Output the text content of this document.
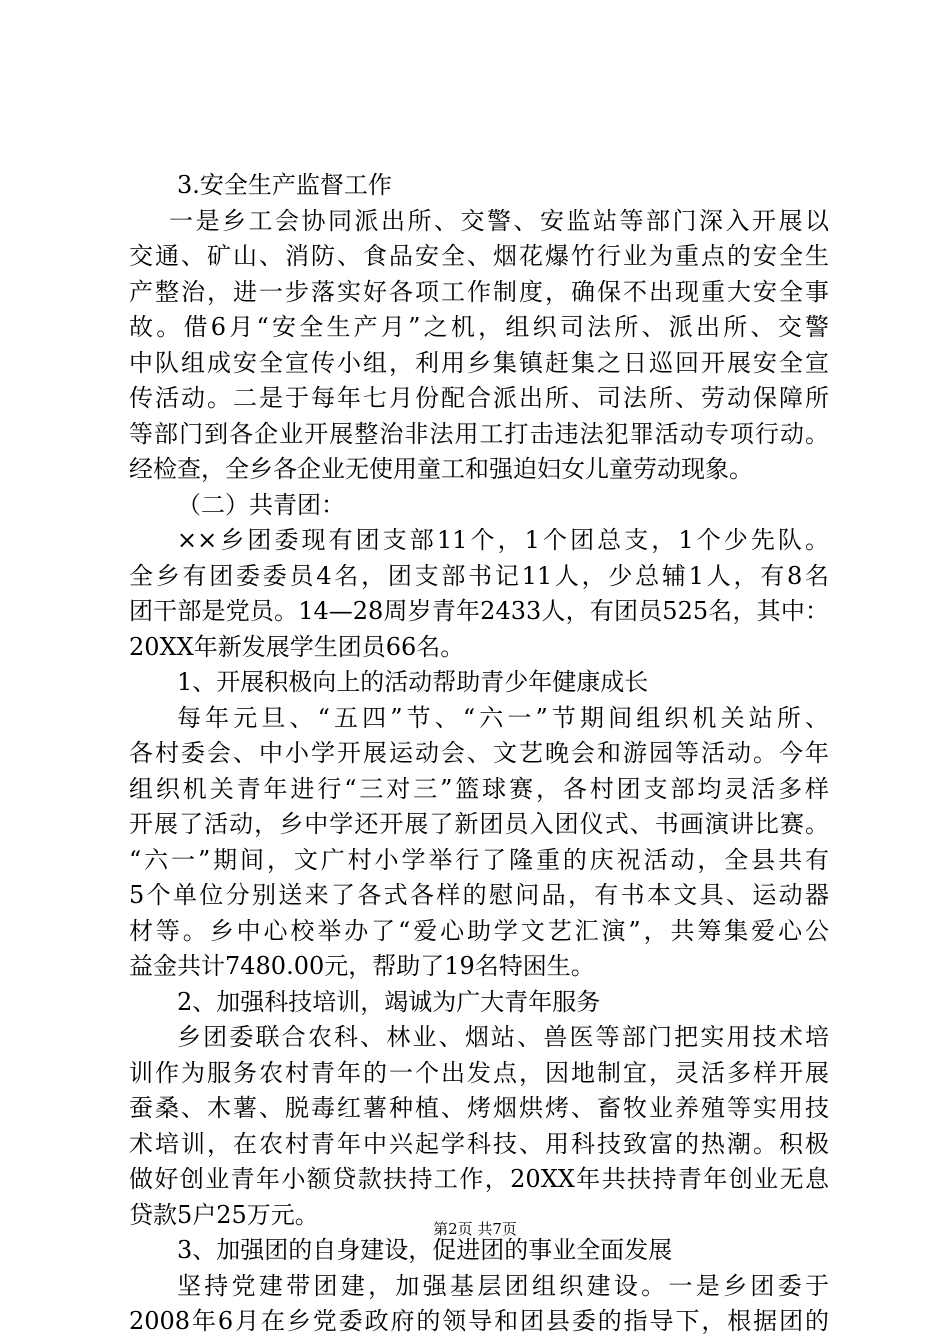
3.安全生产监督工作
一是乡工会协同派出所、交警、安监站等部门深入开展以
交通、矿山、消防、食品安全、烟花爆竹行业为重点的安全生
产整治，进一步落实好各项工作制度，确保不出现重大安全事
故。借6月“安全生产月”之机，组织司法所、派出所、交警
中队组成安全宣传小组，利用乡集镇赶集之日巡回开展安全宣
传活动。二是于每年七月份配合派出所、司法所、劳动保障所
等部门到各企业开展整治非法用工打击违法犯罪活动专项行动。
经检查，全乡各企业无使用童工和强迫妇女儿童劳动现象。
（二）共青团：
××乡团委现有团支部11个，1个团总支，1个少先队。
全乡有团委委员4名，团支部书记11人，少总辅1人，有8名
团干部是党员。14—28周岁青年2433人，有团员525名，其中：
20XX年新发展学生团员66名。
1、开展积极向上的活动帮助青少年健康成长
每年元旦、“五四”节、“六一”节期间组织机关站所、
各村委会、中小学开展运动会、文艺晚会和游园等活动。今年
组织机关青年进行“三对三”篮球赛，各村团支部均灵活多样
开展了活动，乡中学还开展了新团员入团仪式、书画演讲比赛。
“六一”期间，文广村小学举行了隆重的庆祝活动，全县共有
5个单位分别送来了各式各样的慰问品，有书本文具、运动器
材等。乡中心校举办了“爱心助学文艺汇演”，共筹集爱心公
益金共计7480.00元，帮助了19名特困生。
2、加强科技培训，竭诚为广大青年服务
乡团委联合农科、林业、烟站、兽医等部门把实用技术培
训作为服务农村青年的一个出发点，因地制宜，灵活多样开展
蚕桑、木薯、脱毒红薯种植、烤烟烘烤、畜牧业养殖等实用技
术培训，在农村青年中兴起学科技、用科技致富的热潮。积极
做好创业青年小额贷款扶持工作，20XX年共扶持青年创业无息
贷款5户25万元。
3、加强团的自身建设，促进团的事业全面发展
坚持党建带团建，加强基层团组织建设。一是乡团委于
2008年6月在乡党委政府的领导和团县委的指导下，根据团的
第2页 共7页
